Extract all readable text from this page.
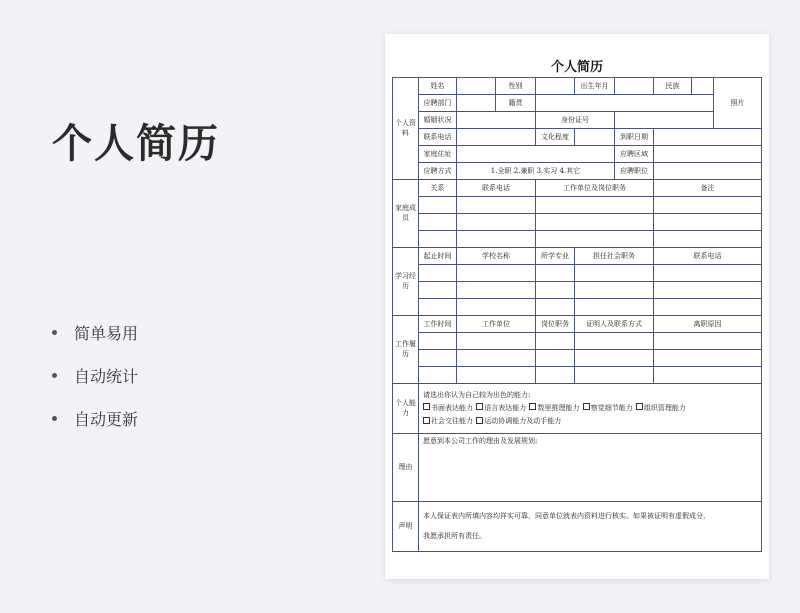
个人简历
简单易用
自动统计
自动更新
个人简历
个人资料	姓名		性别		出生年月		民族		照片
	应聘部门		籍贯						
	婚姻状况			身份证号					
	联系电话			文化程度		到职日期			
	家庭住址					应聘区域			
	应聘方式	1.全职 2.兼职 3.实习 4.其它				应聘职位			
家庭成员	关系	联系电话		工作单位及岗位职务			备注		

学习经历	起止时间	学校名称		所学专业	担任社会职务		联系电话		

工作履历	工作时间	工作单位		岗位职务	证明人及联系方式		离职原因		

个人能力	请选出你认为自己较为出色的能力:
书面表达能力 语言表达能力 数里推理能力 察觉细节能力 组织管理能力
社会交往能力 运动协调能力及动手能力								

理由	愿意到本公司工作的理由及发展规划:								
声明	本人保证表内所填内容均祥实可靠，同意单位就表内资料进行核实。如果被证明有虚假成分，
我愿承担所有责任。								
